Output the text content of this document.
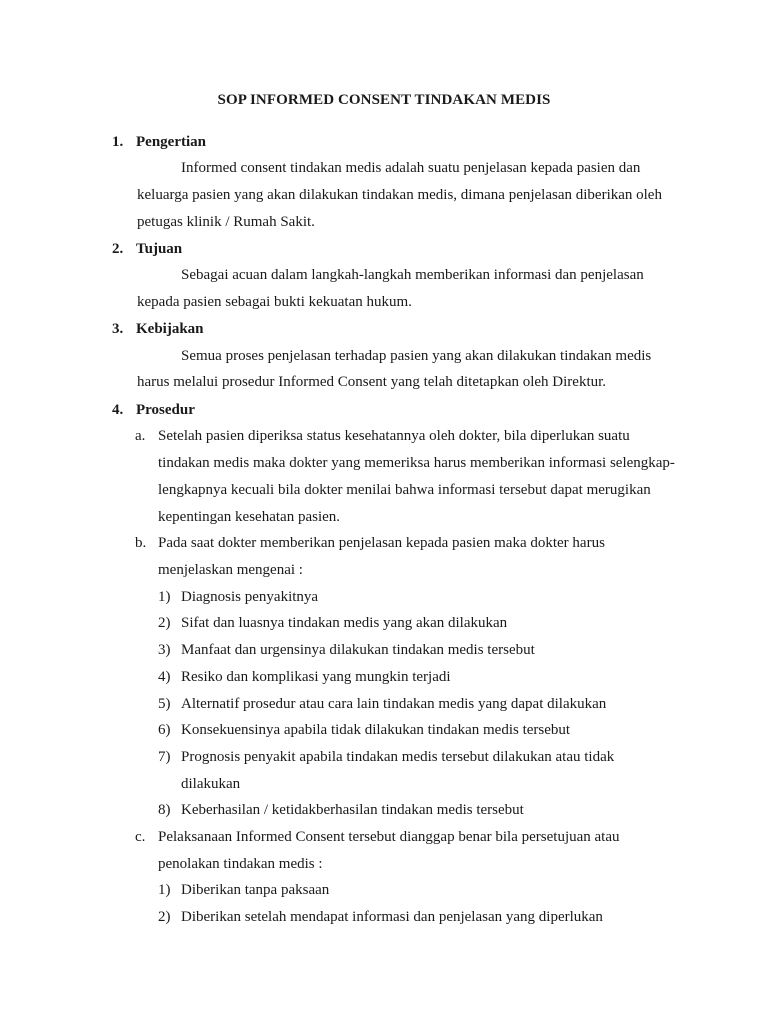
SOP INFORMED CONSENT TINDAKAN MEDIS
1. Pengertian
Informed consent tindakan medis adalah suatu penjelasan kepada pasien dan
keluarga pasien yang akan dilakukan tindakan medis, dimana penjelasan diberikan oleh
petugas klinik / Rumah Sakit.
2. Tujuan
Sebagai acuan dalam langkah-langkah memberikan informasi dan penjelasan
kepada pasien sebagai bukti kekuatan hukum.
3. Kebijakan
Semua proses penjelasan terhadap pasien yang akan dilakukan tindakan medis
harus melalui prosedur Informed Consent yang telah ditetapkan oleh Direktur.
4. Prosedur
a. Setelah pasien diperiksa status kesehatannya oleh dokter, bila diperlukan suatu
tindakan medis maka dokter yang memeriksa harus memberikan informasi selengkap-
lengkapnya kecuali bila dokter menilai bahwa informasi tersebut dapat merugikan
kepentingan kesehatan pasien.
b. Pada saat dokter memberikan penjelasan kepada pasien maka dokter harus
menjelaskan mengenai :
1) Diagnosis penyakitnya
2) Sifat dan luasnya tindakan medis yang akan dilakukan
3) Manfaat dan urgensinya dilakukan tindakan medis tersebut
4) Resiko dan komplikasi yang mungkin terjadi
5) Alternatif prosedur atau cara lain tindakan medis yang dapat dilakukan
6) Konsekuensinya apabila tidak dilakukan tindakan medis tersebut
7) Prognosis penyakit apabila tindakan medis tersebut dilakukan atau tidak
dilakukan
8) Keberhasilan / ketidakberhasilan tindakan medis tersebut
c. Pelaksanaan Informed Consent tersebut dianggap benar bila persetujuan atau
penolakan tindakan medis :
1) Diberikan tanpa paksaan
2) Diberikan setelah mendapat informasi dan penjelasan yang diperlukan
